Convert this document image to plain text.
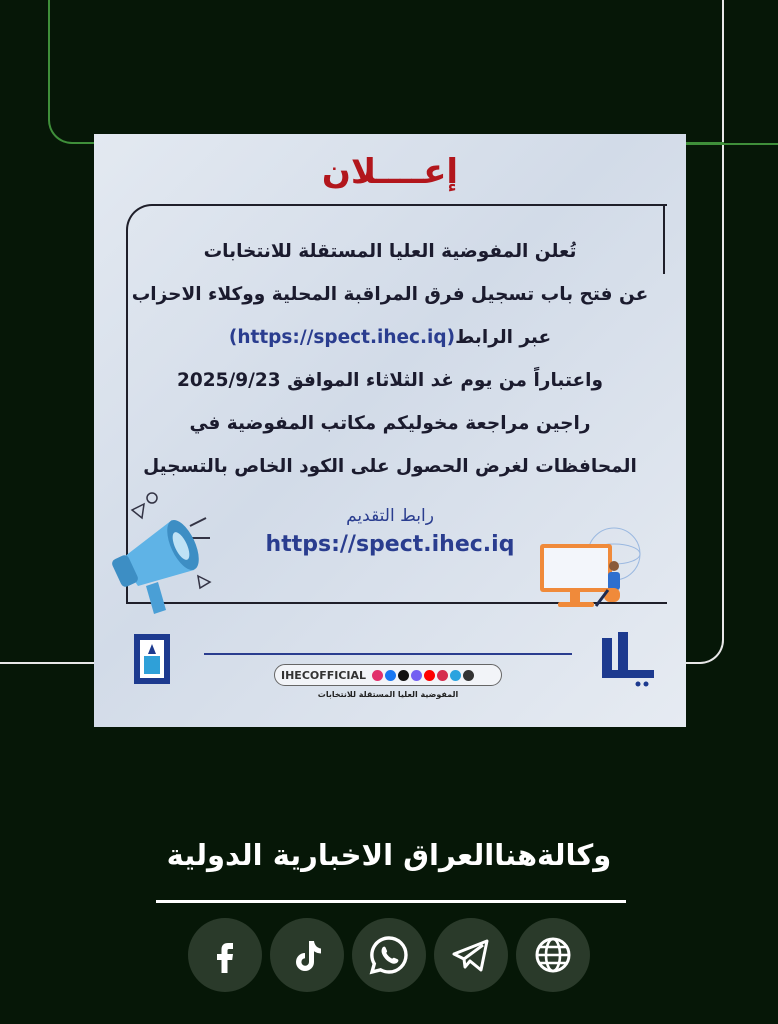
إعــــلان
تُعلن المفوضية العليا المستقلة للانتخابات
عن فتح باب تسجيل فرق المراقبة المحلية ووكلاء الاحزاب
عبر الرابط(https://spect.ihec.iq)
واعتباراً من يوم غد الثلاثاء الموافق 2025/9/23
راجين مراجعة مخوليكم مكاتب المفوضية في
المحافظات لغرض الحصول على الكود الخاص بالتسجيل
رابط التقديم
https://spect.ihec.iq
IHECOFFICIAL
المفوضية العليا المستقلة للانتخابات
وكالةهناالعراق الاخبارية الدولية
